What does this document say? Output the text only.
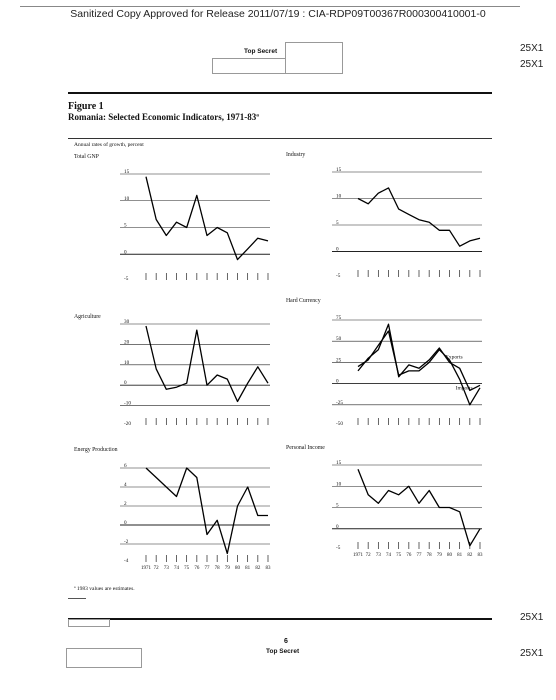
Sanitized Copy Approved for Release 2011/07/19 : CIA-RDP09T00367R000300410001-0
Top Secret	25X1
25X1
Figure 1
Romania: Selected Economic Indicators, 1971-83ª
Annual rates of growth, percent
Total GNP
15
10
5
0
-5
Industry
15
10
5
0
-5
Agriculture
30
20
10
0
-10
-20
Hard Currency
75
50
25
0
-25
-50
Exports
Imports
Energy Production
6
4
2
0
-2
-4
1971 72 73 74 75 76 77 78 79 80 81 82 83
Personal Income
15
10
5
0
-5
1971 72 73 74 75 76 77 78 79 80 81 82 83
ª 1983 values are estimates.
25X1
6
Top Secret	25X1
